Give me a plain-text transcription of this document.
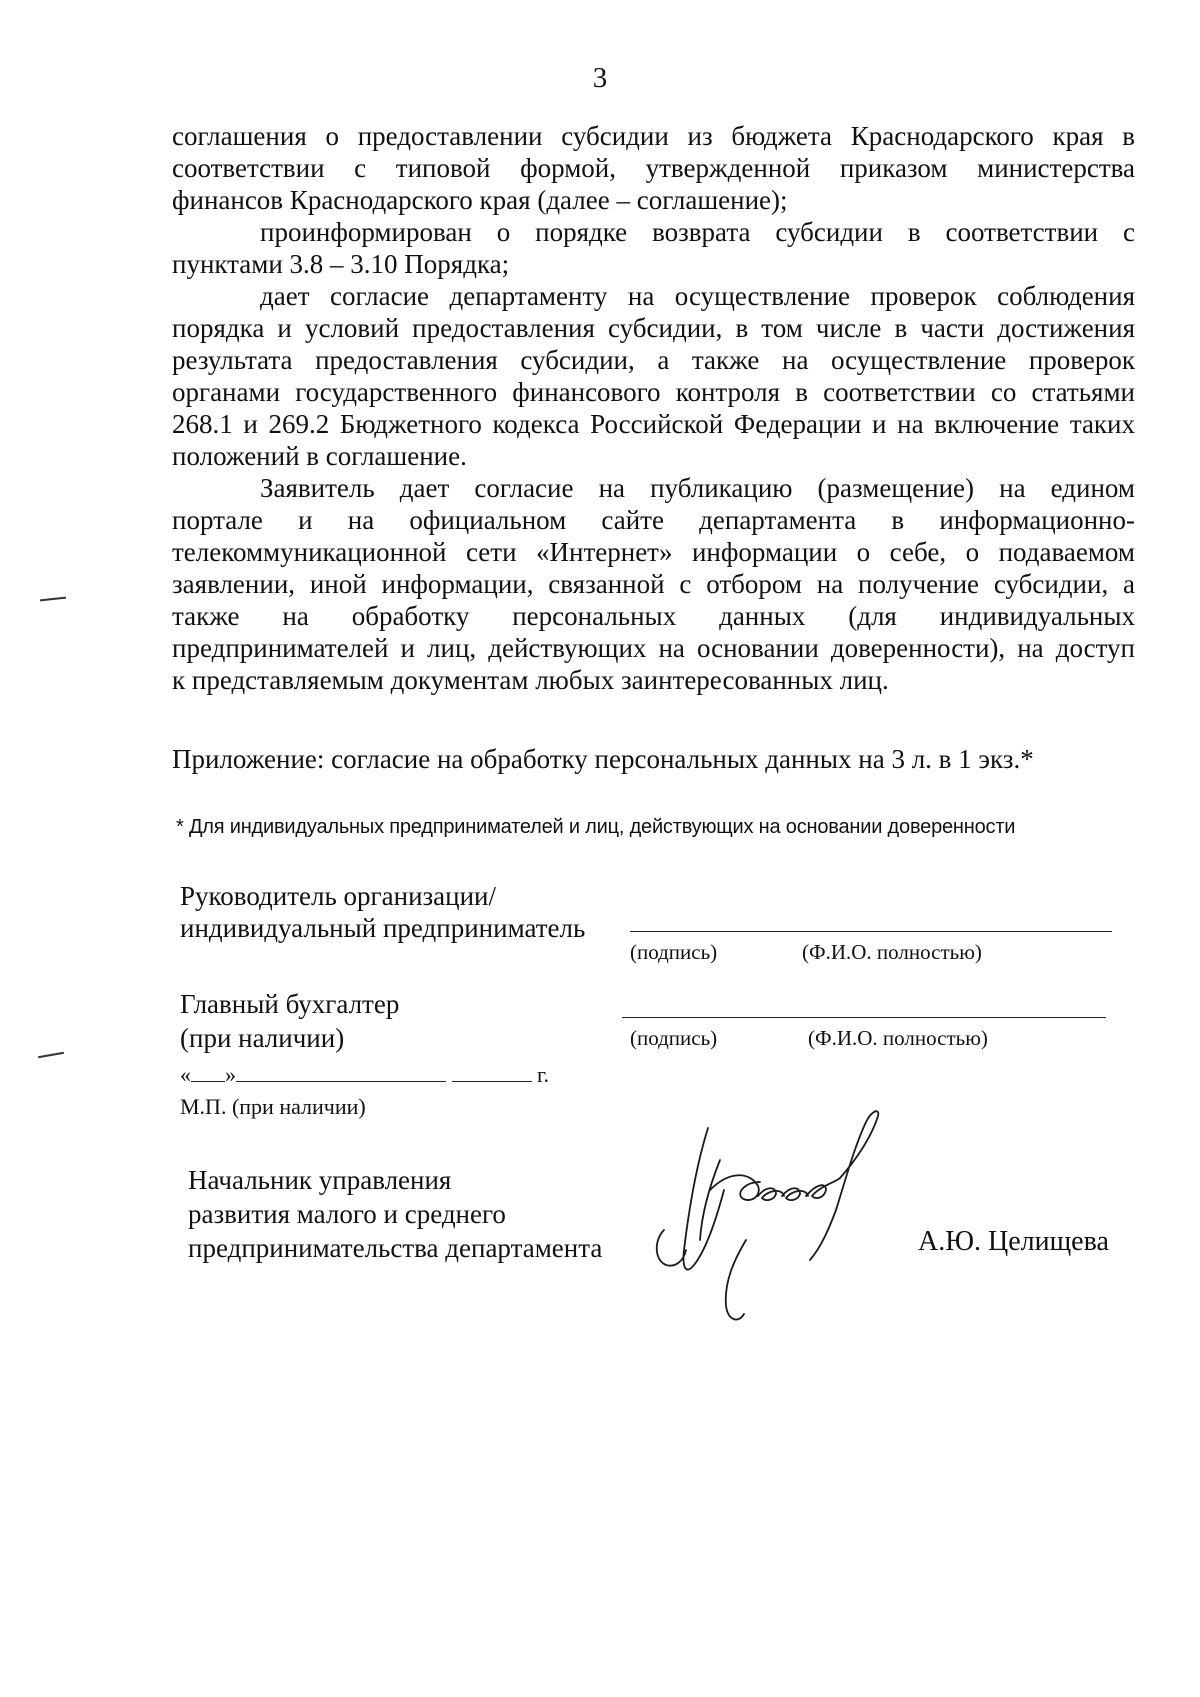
3
соглашения о предоставлении субсидии из бюджета Краснодарского края в
соответствии с типовой формой, утвержденной приказом министерства
финансов Краснодарского края (далее – соглашение);
проинформирован о порядке возврата субсидии в соответствии с
пунктами 3.8 – 3.10 Порядка;
дает согласие департаменту на осуществление проверок соблюдения
порядка и условий предоставления субсидии, в том числе в части достижения
результата предоставления субсидии, а также на осуществление проверок
органами государственного финансового контроля в соответствии со статьями
268.1 и 269.2 Бюджетного кодекса Российской Федерации и на включение таких
положений в соглашение.
Заявитель дает согласие на публикацию (размещение) на едином
портале и на официальном сайте департамента в информационно-
телекоммуникационной сети «Интернет» информации о себе, о подаваемом
заявлении, иной информации, связанной с отбором на получение субсидии, а
также на обработку персональных данных (для индивидуальных
предпринимателей и лиц, действующих на основании доверенности), на доступ
к представляемым документам любых заинтересованных лиц.
Приложение: согласие на обработку персональных данных на 3 л. в 1 экз.*
* Для индивидуальных предпринимателей и лиц, действующих на основании доверенности
Руководитель организации/
индивидуальный предприниматель
(подпись)	(Ф.И.О. полностью)
Главный бухгалтер
(при наличии)	(подпись)	(Ф.И.О. полностью)
« »	г.
М.П. (при наличии)
Начальник управления
развития малого и среднего
предпринимательства департамента	А.Ю. Целищева
